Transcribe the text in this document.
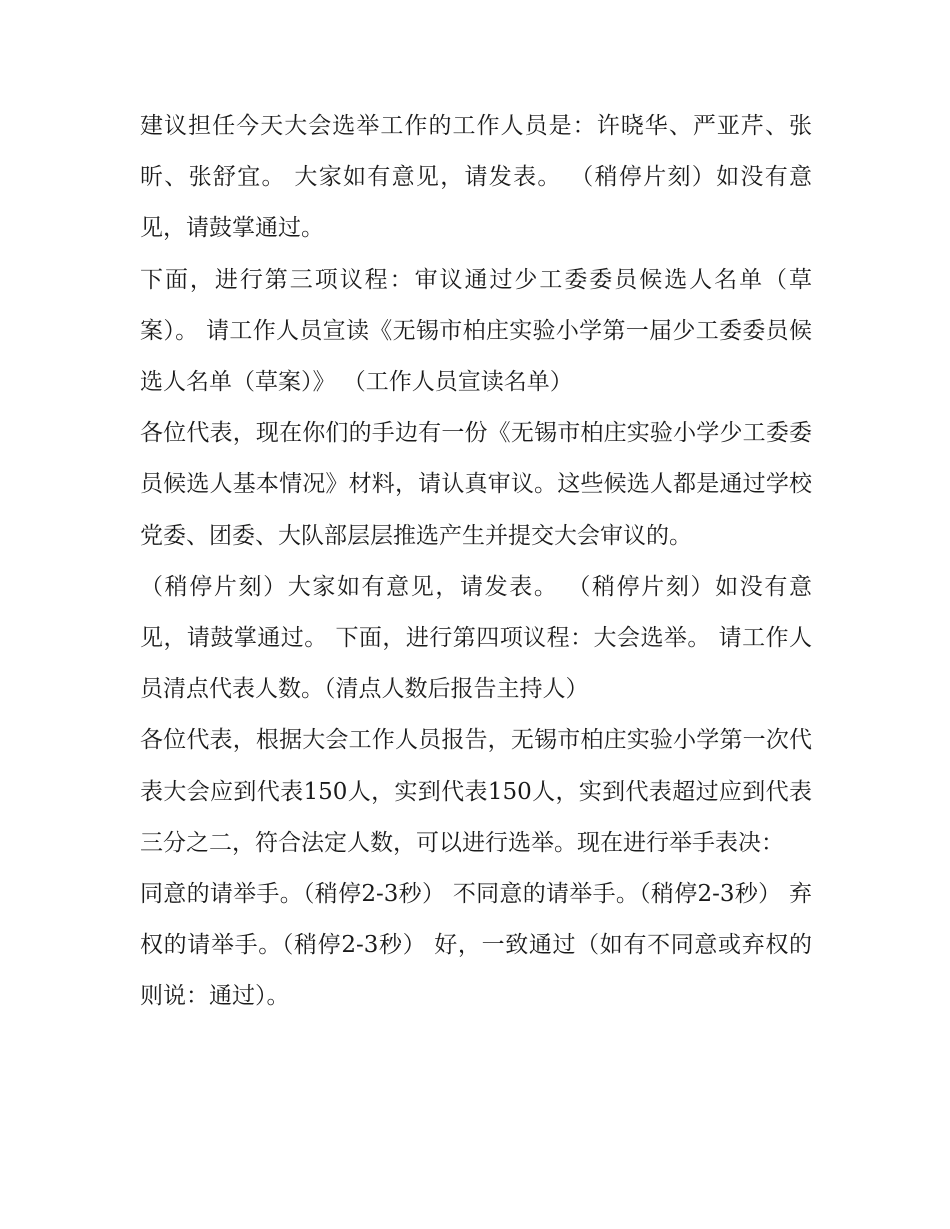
建议担任今天大会选举工作的工作人员是：许晓华、严亚芹、张昕、张舒宜。 大家如有意见，请发表。 （稍停片刻）如没有意见，请鼓掌通过。

下面，进行第三项议程：审议通过少工委委员候选人名单（草案）。 请工作人员宣读《无锡市柏庄实验小学第一届少工委委员候选人名单（草案）》 （工作人员宣读名单）

各位代表，现在你们的手边有一份《无锡市柏庄实验小学少工委委员候选人基本情况》材料，请认真审议。这些候选人都是通过学校党委、团委、大队部层层推选产生并提交大会审议的。

（稍停片刻）大家如有意见，请发表。 （稍停片刻）如没有意见，请鼓掌通过。 下面，进行第四项议程：大会选举。 请工作人员清点代表人数。（清点人数后报告主持人）

各位代表，根据大会工作人员报告，无锡市柏庄实验小学第一次代表大会应到代表150人，实到代表150人，实到代表超过应到代表三分之二，符合法定人数，可以进行选举。现在进行举手表决：

同意的请举手。（稍停2-3秒） 不同意的请举手。（稍停2-3秒） 弃权的请举手。（稍停2-3秒） 好，一致通过（如有不同意或弃权的则说：通过）。
